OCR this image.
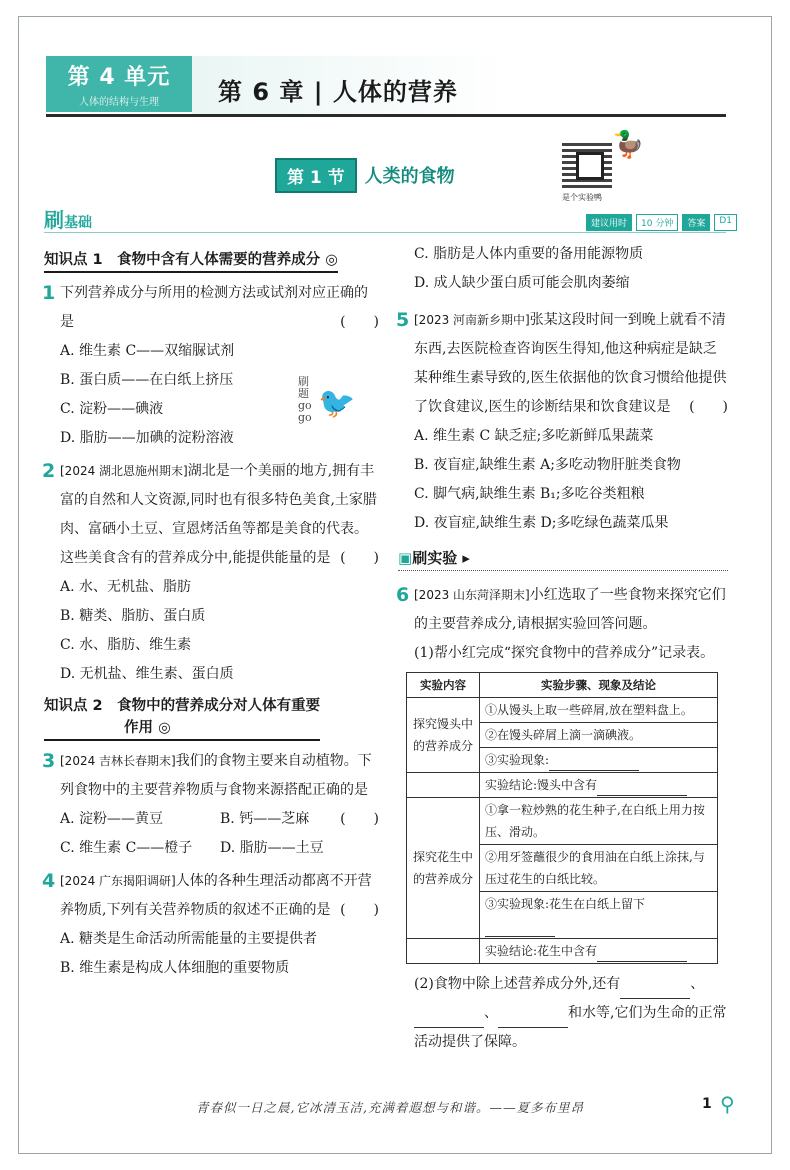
第 4 单元
人体的结构与生理	第 6 章 | 人体的营养
第 1 节	人类的食物
是个实验鸭
🦆
刷基础	建议用时	10 分钟	答案	D1
知识点 1　食物中含有人体需要的营养成分 ◎
1 下列营养成分与所用的检测方法或试剂对应正确的是	(　　)
A. 维生素 C——双缩脲试剂
B. 蛋白质——在白纸上挤压
C. 淀粉——碘液
D. 脂肪——加碘的淀粉溶液
2 [2024 湖北恩施州期末]湖北是一个美丽的地方,拥有丰富的自然和人文资源,同时也有很多特色美食,土家腊肉、富硒小土豆、宣恩烤活鱼等都是美食的代表。这些美食含有的营养成分中,能提供能量的是 (　　)
A. 水、无机盐、脂肪
B. 糖类、脂肪、蛋白质
C. 水、脂肪、维生素
D. 无机盐、维生素、蛋白质
知识点 2　食物中的营养成分对人体有重要
作用 ◎
3 [2024 吉林长春期末]我们的食物主要来自动植物。下列食物中的主要营养物质与食物来源搭配正确的是
(　　)
A. 淀粉——黄豆	B. 钙——芝麻
C. 维生素 C——橙子 D. 脂肪——土豆
4 [2024 广东揭阳调研]人体的各种生理活动都离不开营养物质,下列有关营养物质的叙述不正确的是 (　　)
A. 糖类是生命活动所需能量的主要提供者
B. 维生素是构成人体细胞的重要物质
刷 题 go go 🐦
C. 脂肪是人体内重要的备用能源物质
D. 成人缺少蛋白质可能会肌肉萎缩
5 [2023 河南新乡期中]张某这段时间一到晚上就看不清东西,去医院检查咨询医生得知,他这种病症是缺乏某种维生素导致的,医生依据他的饮食习惯给他提供了饮食建议,医生的诊断结果和饮食建议是 (　　)
A. 维生素 C 缺乏症;多吃新鲜瓜果蔬菜
B. 夜盲症,缺维生素 A;多吃动物肝脏类食物
C. 脚气病,缺维生素 B₁;多吃谷类粗粮
D. 夜盲症,缺维生素 D;多吃绿色蔬菜瓜果
▣刷实验 ▸
6 [2023 山东菏泽期末]小红选取了一些食物来探究它们的主要营养成分,请根据实验回答问题。
(1)帮小红完成“探究食物中的营养成分”记录表。
实验内容	实验步骤、现象及结论
探究馒头中的营养成分	①从馒头上取一些碎屑,放在塑料盘上。
	②在馒头碎屑上滴一滴碘液。
	③实验现象:
	实验结论:馒头中含有
探究花生中的营养成分	①拿一粒炒熟的花生种子,在白纸上用力按压、滑动。
	②用牙签蘸很少的食用油在白纸上涂抹,与压过花生的白纸比较。
	③实验现象:花生在白纸上留下
	实验结论:花生中含有
(2)食物中除上述营养成分外,还有	、
、	和水等,它们为生命的正常活动提供了保障。
青春似一日之晨,它冰清玉洁,充满着遐想与和谐。——夏多布里昂	1 ⚲
